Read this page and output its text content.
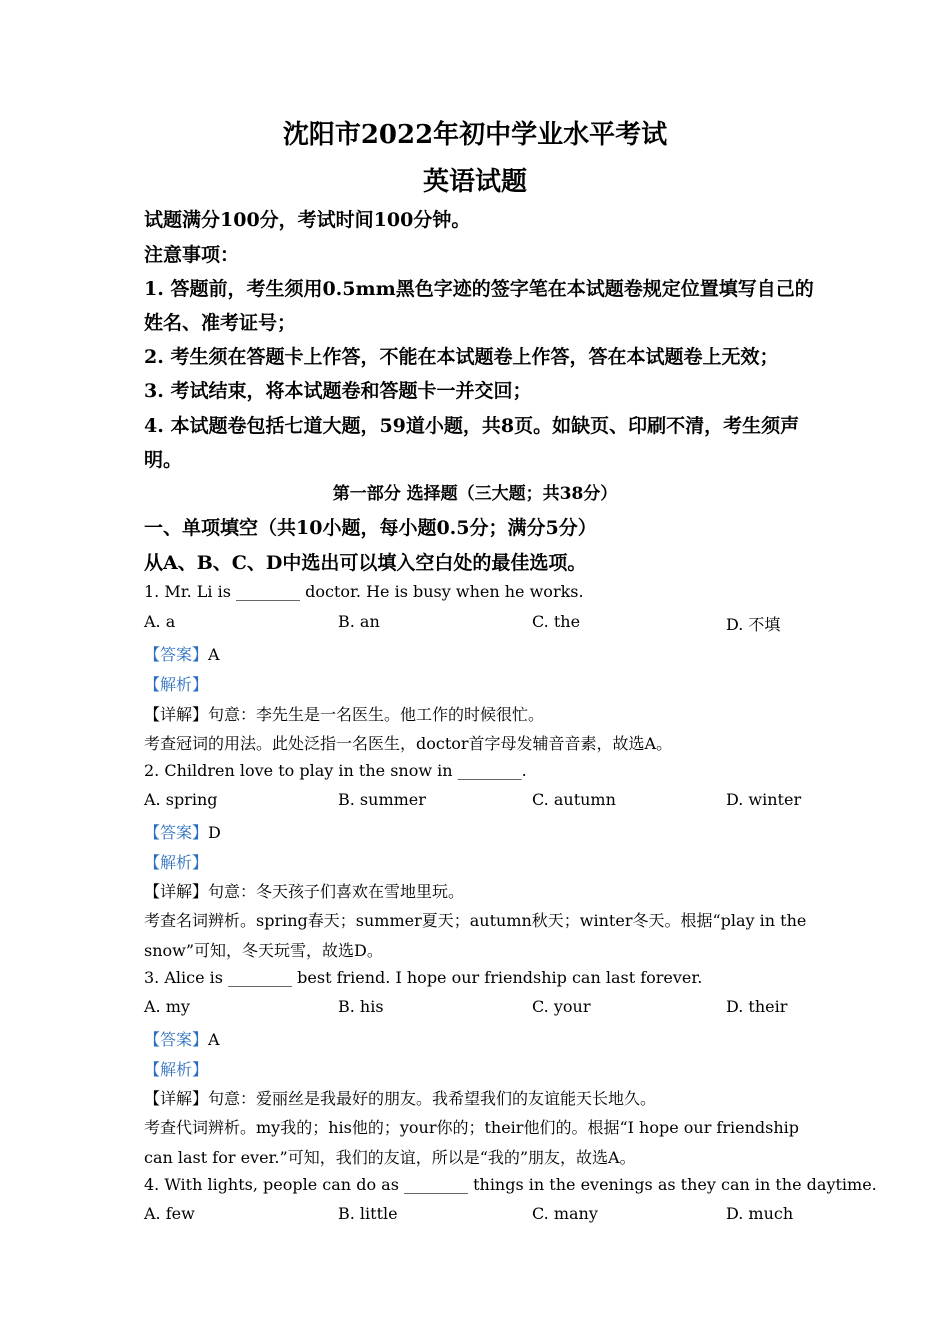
沈阳市2022年初中学业水平考试
英语试题
试题满分100分，考试时间100分钟。
注意事项：
1. 答题前，考生须用0.5mm黑色字迹的签字笔在本试题卷规定位置填写自己的
姓名、准考证号；
2. 考生须在答题卡上作答，不能在本试题卷上作答，答在本试题卷上无效；
3. 考试结束，将本试题卷和答题卡一并交回；
4. 本试题卷包括七道大题，59道小题，共8页。如缺页、印刷不清，考生须声
明。
第一部分 选择题（三大题；共38分）
一、单项填空（共10小题，每小题0.5分；满分5分）
从A、B、C、D中选出可以填入空白处的最佳选项。
1. Mr. Li is ________ doctor. He is busy when he works.
A. a	B. an	C. the	D. 不填
【答案】A
【解析】
【详解】句意：李先生是一名医生。他工作的时候很忙。
考查冠词的用法。此处泛指一名医生，doctor首字母发辅音音素，故选A。
2. Children love to play in the snow in ________.
A. spring	B. summer	C. autumn	D. winter
【答案】D
【解析】
【详解】句意：冬天孩子们喜欢在雪地里玩。
考查名词辨析。spring春天；summer夏天；autumn秋天；winter冬天。根据“play in the
snow”可知，冬天玩雪，故选D。
3. Alice is ________ best friend. I hope our friendship can last forever.
A. my	B. his	C. your	D. their
【答案】A
【解析】
【详解】句意：爱丽丝是我最好的朋友。我希望我们的友谊能天长地久。
考查代词辨析。my我的；his他的；your你的；their他们的。根据“I hope our friendship
can last for ever.”可知，我们的友谊，所以是“我的”朋友，故选A。
4. With lights, people can do as ________ things in the evenings as they can in the daytime.
A. few	B. little	C. many	D. much
